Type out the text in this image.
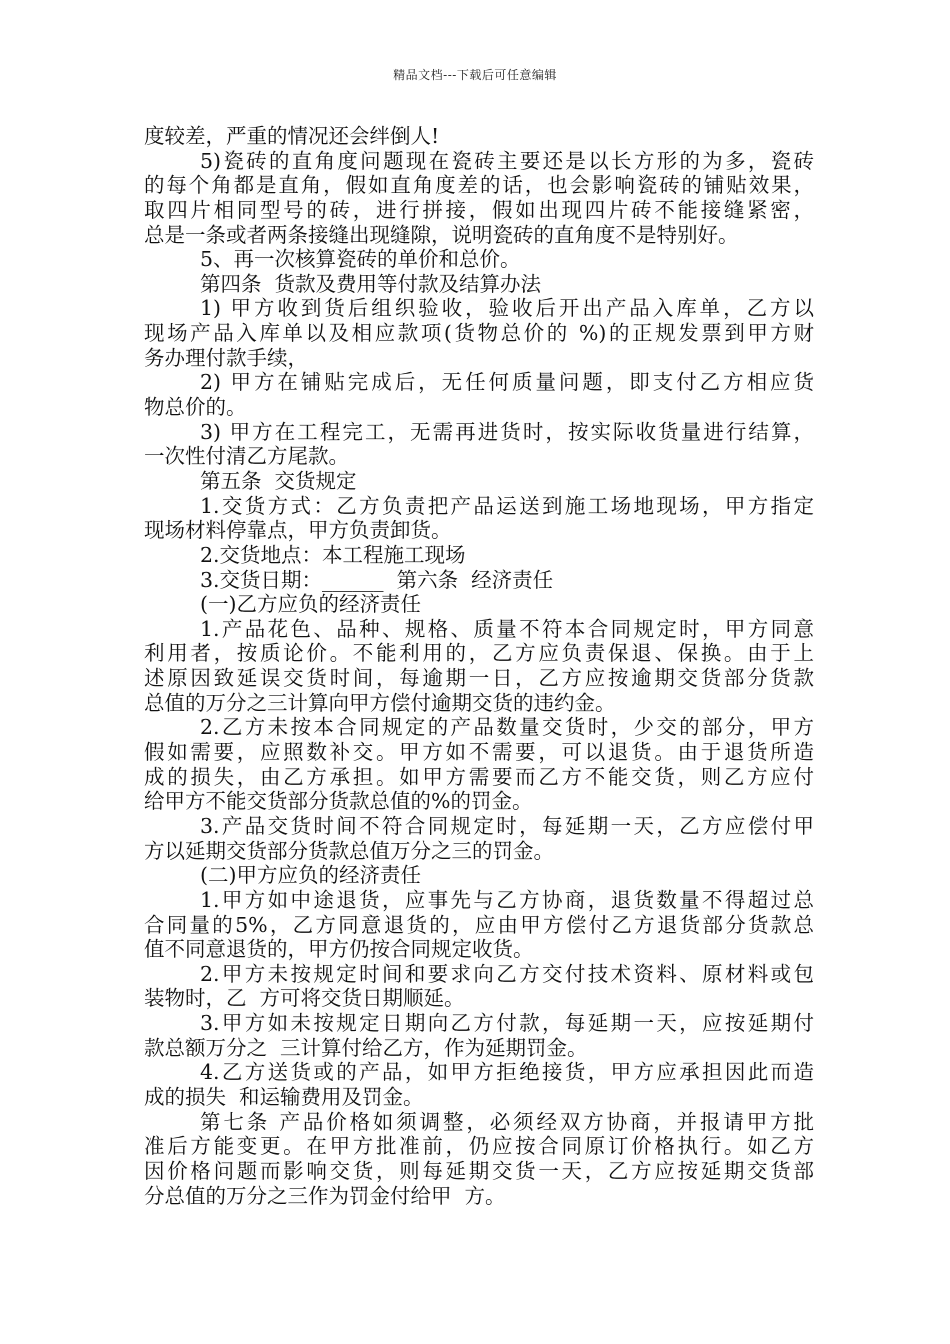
精品文档---下载后可任意编辑
度较差，严重的情况还会绊倒人!
5)瓷砖的直角度问题现在瓷砖主要还是以长方形的为多，瓷砖
的每个角都是直角，假如直角度差的话，也会影响瓷砖的铺贴效果，
取四片相同型号的砖，进行拼接，假如出现四片砖不能接缝紧密，
总是一条或者两条接缝出现缝隙，说明瓷砖的直角度不是特别好。
5、再一次核算瓷砖的单价和总价。
第四条  货款及费用等付款及结算办法
1) 甲方收到货后组织验收，验收后开出产品入库单，乙方以
现场产品入库单以及相应款项(货物总价的 %)的正规发票到甲方财
务办理付款手续，
2) 甲方在铺贴完成后，无任何质量问题，即支付乙方相应货
物总价的。
3) 甲方在工程完工，无需再进货时，按实际收货量进行结算，
一次性付清乙方尾款。
第五条  交货规定
1.交货方式：乙方负责把产品运送到施工场地现场，甲方指定
现场材料停靠点，甲方负责卸货。
2.交货地点：本工程施工现场
3.交货日期：______  第六条  经济责任
(一)乙方应负的经济责任
1.产品花色、品种、规格、质量不符本合同规定时，甲方同意
利用者，按质论价。不能利用的，乙方应负责保退、保换。由于上
述原因致延误交货时间，每逾期一日，乙方应按逾期交货部分货款
总值的万分之三计算向甲方偿付逾期交货的违约金。
2.乙方未按本合同规定的产品数量交货时，少交的部分，甲方
假如需要，应照数补交。甲方如不需要，可以退货。由于退货所造
成的损失，由乙方承担。如甲方需要而乙方不能交货，则乙方应付
给甲方不能交货部分货款总值的%的罚金。
3.产品交货时间不符合同规定时，每延期一天，乙方应偿付甲
方以延期交货部分货款总值万分之三的罚金。
(二)甲方应负的经济责任
1.甲方如中途退货，应事先与乙方协商，退货数量不得超过总
合同量的5%，乙方同意退货的，应由甲方偿付乙方退货部分货款总
值不同意退货的，甲方仍按合同规定收货。
2.甲方未按规定时间和要求向乙方交付技术资料、原材料或包
装物时，乙  方可将交货日期顺延。
3.甲方如未按规定日期向乙方付款，每延期一天，应按延期付
款总额万分之  三计算付给乙方，作为延期罚金。
4.乙方送货或的产品，如甲方拒绝接货，甲方应承担因此而造
成的损失  和运输费用及罚金。
第七条 产品价格如须调整，必须经双方协商，并报请甲方批
准后方能变更。在甲方批准前，仍应按合同原订价格执行。如乙方
因价格问题而影响交货，则每延期交货一天，乙方应按延期交货部
分总值的万分之三作为罚金付给甲  方。
